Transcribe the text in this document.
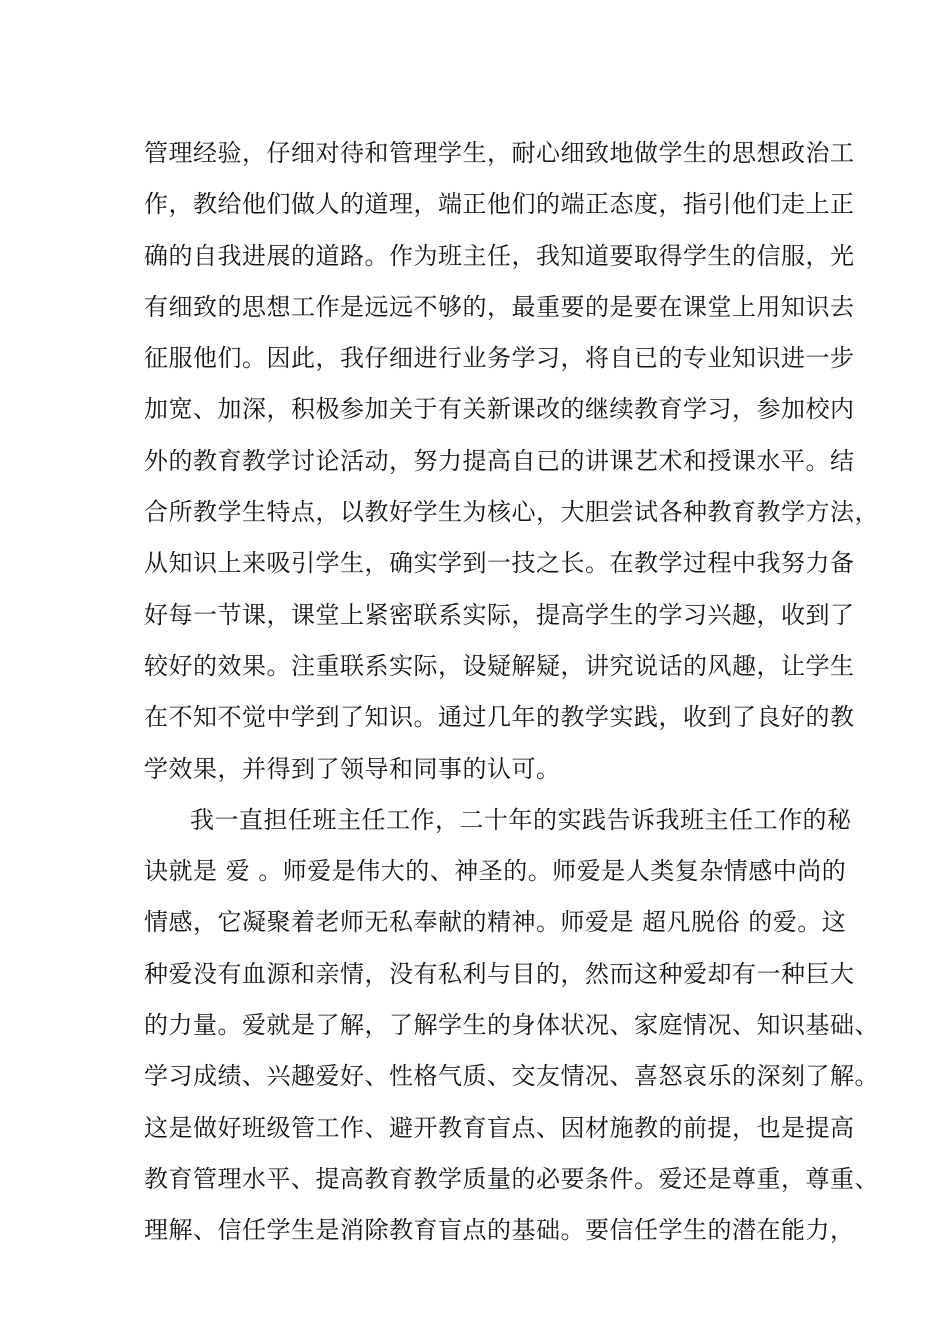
管理经验，仔细对待和管理学生，耐心细致地做学生的思想政治工
作，教给他们做人的道理，端正他们的端正态度，指引他们走上正
确的自我进展的道路。作为班主任，我知道要取得学生的信服，光
有细致的思想工作是远远不够的，最重要的是要在课堂上用知识去
征服他们。因此，我仔细进行业务学习，将自已的专业知识进一步
加宽、加深，积极参加关于有关新课改的继续教育学习，参加校内
外的教育教学讨论活动，努力提高自已的讲课艺术和授课水平。结
合所教学生特点，以教好学生为核心，大胆尝试各种教育教学方法，
从知识上来吸引学生，确实学到一技之长。在教学过程中我努力备
好每一节课，课堂上紧密联系实际，提高学生的学习兴趣，收到了
较好的效果。注重联系实际，设疑解疑，讲究说话的风趣，让学生
在不知不觉中学到了知识。通过几年的教学实践，收到了良好的教
学效果，并得到了领导和同事的认可。
我一直担任班主任工作，二十年的实践告诉我班主任工作的秘
诀就是 爱 。师爱是伟大的、神圣的。师爱是人类复杂情感中尚的
情感，它凝聚着老师无私奉献的精神。师爱是 超凡脱俗 的爱。这
种爱没有血源和亲情，没有私利与目的，然而这种爱却有一种巨大
的力量。爱就是了解，了解学生的身体状况、家庭情况、知识基础、
学习成绩、兴趣爱好、性格气质、交友情况、喜怒哀乐的深刻了解。
这是做好班级管工作、避开教育盲点、因材施教的前提，也是提高
教育管理水平、提高教育教学质量的必要条件。爱还是尊重，尊重、
理解、信任学生是消除教育盲点的基础。要信任学生的潜在能力，
